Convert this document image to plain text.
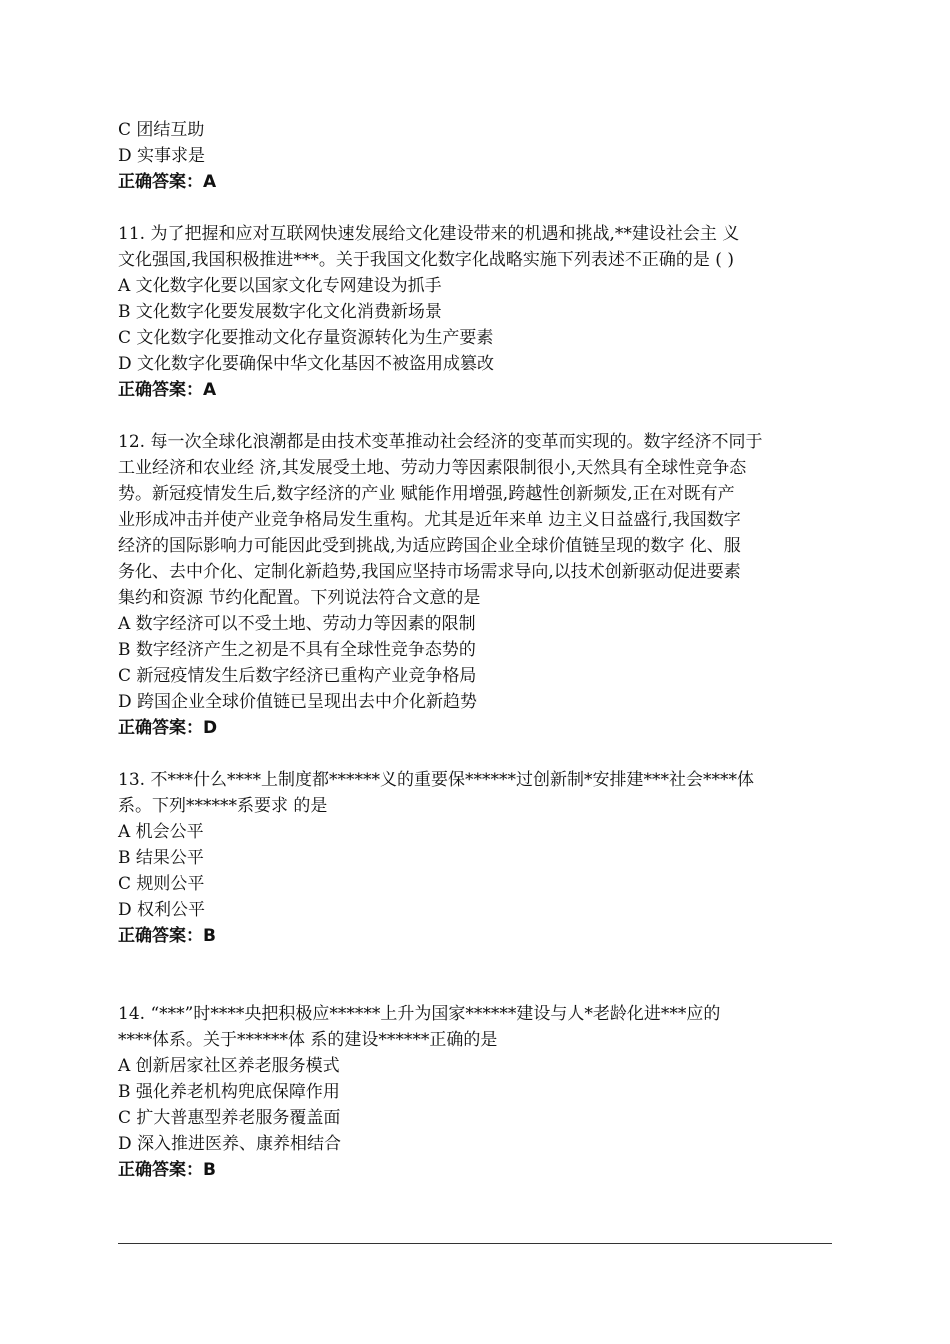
C 团结互助
D 实事求是
正确答案：A
11. 为了把握和应对互联网快速发展给文化建设带来的机遇和挑战,**建设社会主 义
文化强国,我国积极推进***。关于我国文化数字化战略实施下列表述不正确的是 ( )
A 文化数字化要以国家文化专网建设为抓手
B 文化数字化要发展数字化文化消费新场景
C 文化数字化要推动文化存量资源转化为生产要素
D 文化数字化要确保中华文化基因不被盗用成篡改
正确答案：A
12. 每一次全球化浪潮都是由技术变革推动社会经济的变革而实现的。数字经济不同于
工业经济和农业经 济,其发展受土地、劳动力等因素限制很小,天然具有全球性竞争态
势。新冠疫情发生后,数字经济的产业 赋能作用增强,跨越性创新频发,正在对既有产
业形成冲击并使产业竞争格局发生重构。尤其是近年来单 边主义日益盛行,我国数字
经济的国际影响力可能因此受到挑战,为适应跨国企业全球价值链呈现的数字 化、服
务化、去中介化、定制化新趋势,我国应坚持市场需求导向,以技术创新驱动促进要素
集约和资源 节约化配置。下列说法符合文意的是
A 数字经济可以不受土地、劳动力等因素的限制
B 数字经济产生之初是不具有全球性竞争态势的
C 新冠疫情发生后数字经济已重构产业竞争格局
D 跨国企业全球价值链已呈现出去中介化新趋势
正确答案：D
13. 不***什么****上制度都******义的重要保******过创新制*安排建***社会****体
系。下列******系要求 的是
A 机会公平
B 结果公平
C 规则公平
D 权利公平
正确答案：B
14. “***”时****央把积极应******上升为国家******建设与人*老龄化进***应的
****体系。关于******体 系的建设******正确的是
A 创新居家社区养老服务模式
B 强化养老机构兜底保障作用
C 扩大普惠型养老服务覆盖面
D 深入推进医养、康养相结合
正确答案：B
